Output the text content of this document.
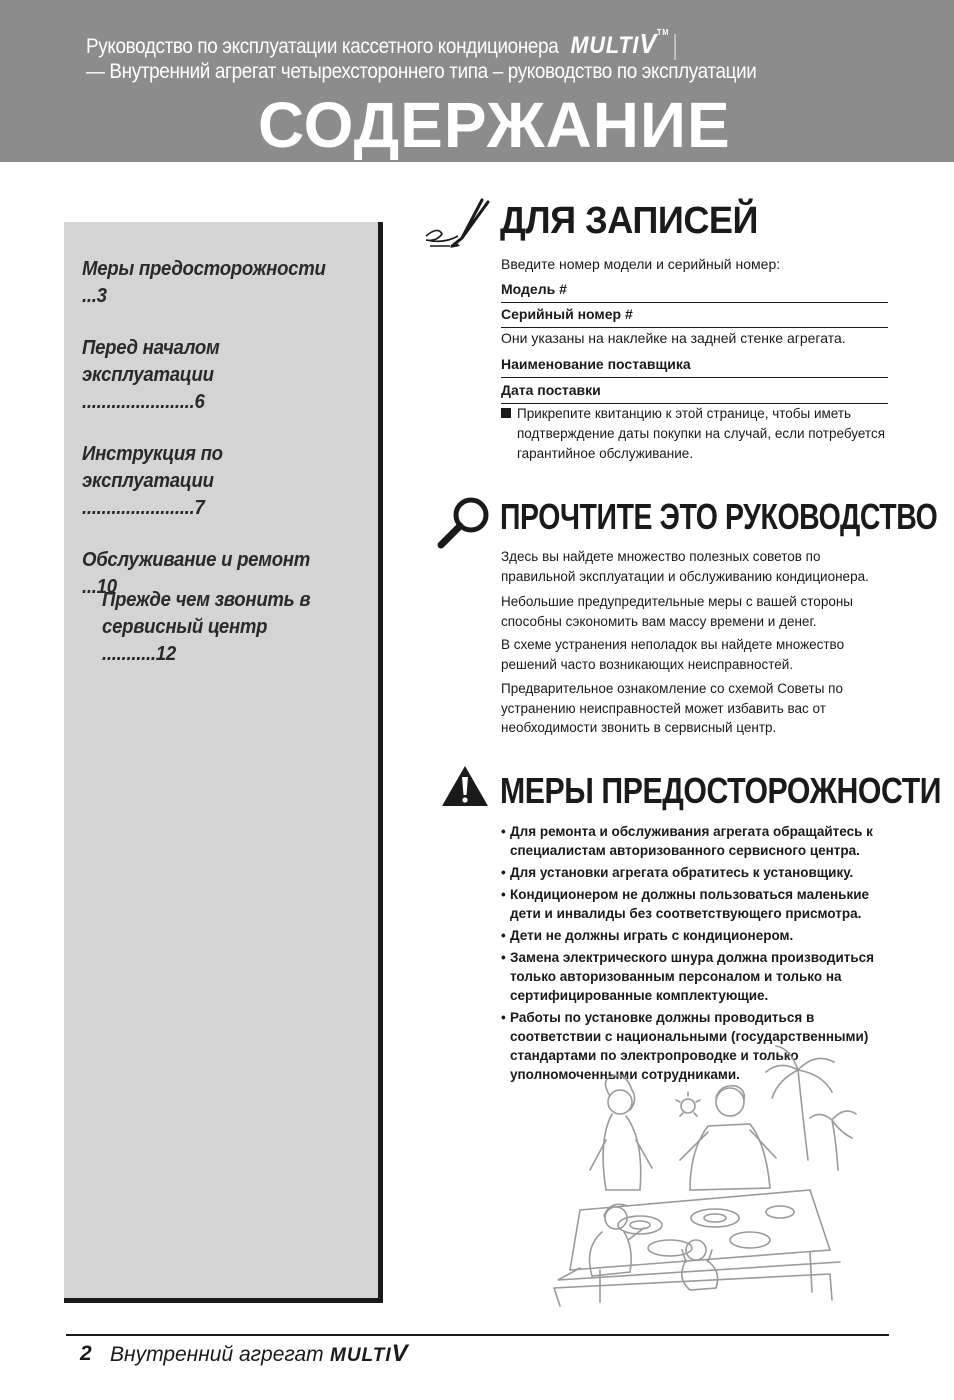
Руководство по эксплуатации кассетного кондиционера MULTIV™
— Внутренний агрегат четырехстороннего типа – руководство по эксплуатации
СОДЕРЖАНИЕ
Меры предосторожности ...3
Перед началом эксплуатации .......................6
Инструкция по эксплуатации .......................7
Обслуживание и ремонт ...10
Прежде чем звонить в сервисный центр ...........12
ДЛЯ ЗАПИСЕЙ
Введите номер модели и серийный номер:
Модель #
Серийный номер #
Они указаны на наклейке на задней стенке агрегата.
Наименование поставщика
Дата поставки
Прикрепите квитанцию к этой странице, чтобы иметь подтверждение даты покупки на случай, если потребуется гарантийное обслуживание.
ПРОЧТИТЕ ЭТО РУКОВОДСТВО
Здесь вы найдете множество полезных советов по правильной эксплуатации и обслуживанию кондиционера.
Небольшие предупредительные меры с вашей стороны способны сэкономить вам массу времени и денег.
В схеме устранения неполадок вы найдете множество решений часто возникающих неисправностей.
Предварительное ознакомление со схемой Советы по устранению неисправностей может избавить вас от необходимости звонить в сервисный центр.
МЕРЫ ПРЕДОСТОРОЖНОСТИ
• Для ремонта и обслуживания агрегата обращайтесь к специалистам авторизованного сервисного центра.
• Для установки агрегата обратитесь к установщику.
• Кондиционером не должны пользоваться маленькие дети и инвалиды без соответствующего присмотра.
• Дети не должны играть с кондиционером.
• Замена электрического шнура должна производиться только авторизованным персоналом и только на сертифицированные комплектующие.
• Работы по установке должны проводиться в соответствии с национальными (государственными) стандартами по электропроводке и только уполномоченными сотрудниками.
2 Внутренний агрегат MULTIV
